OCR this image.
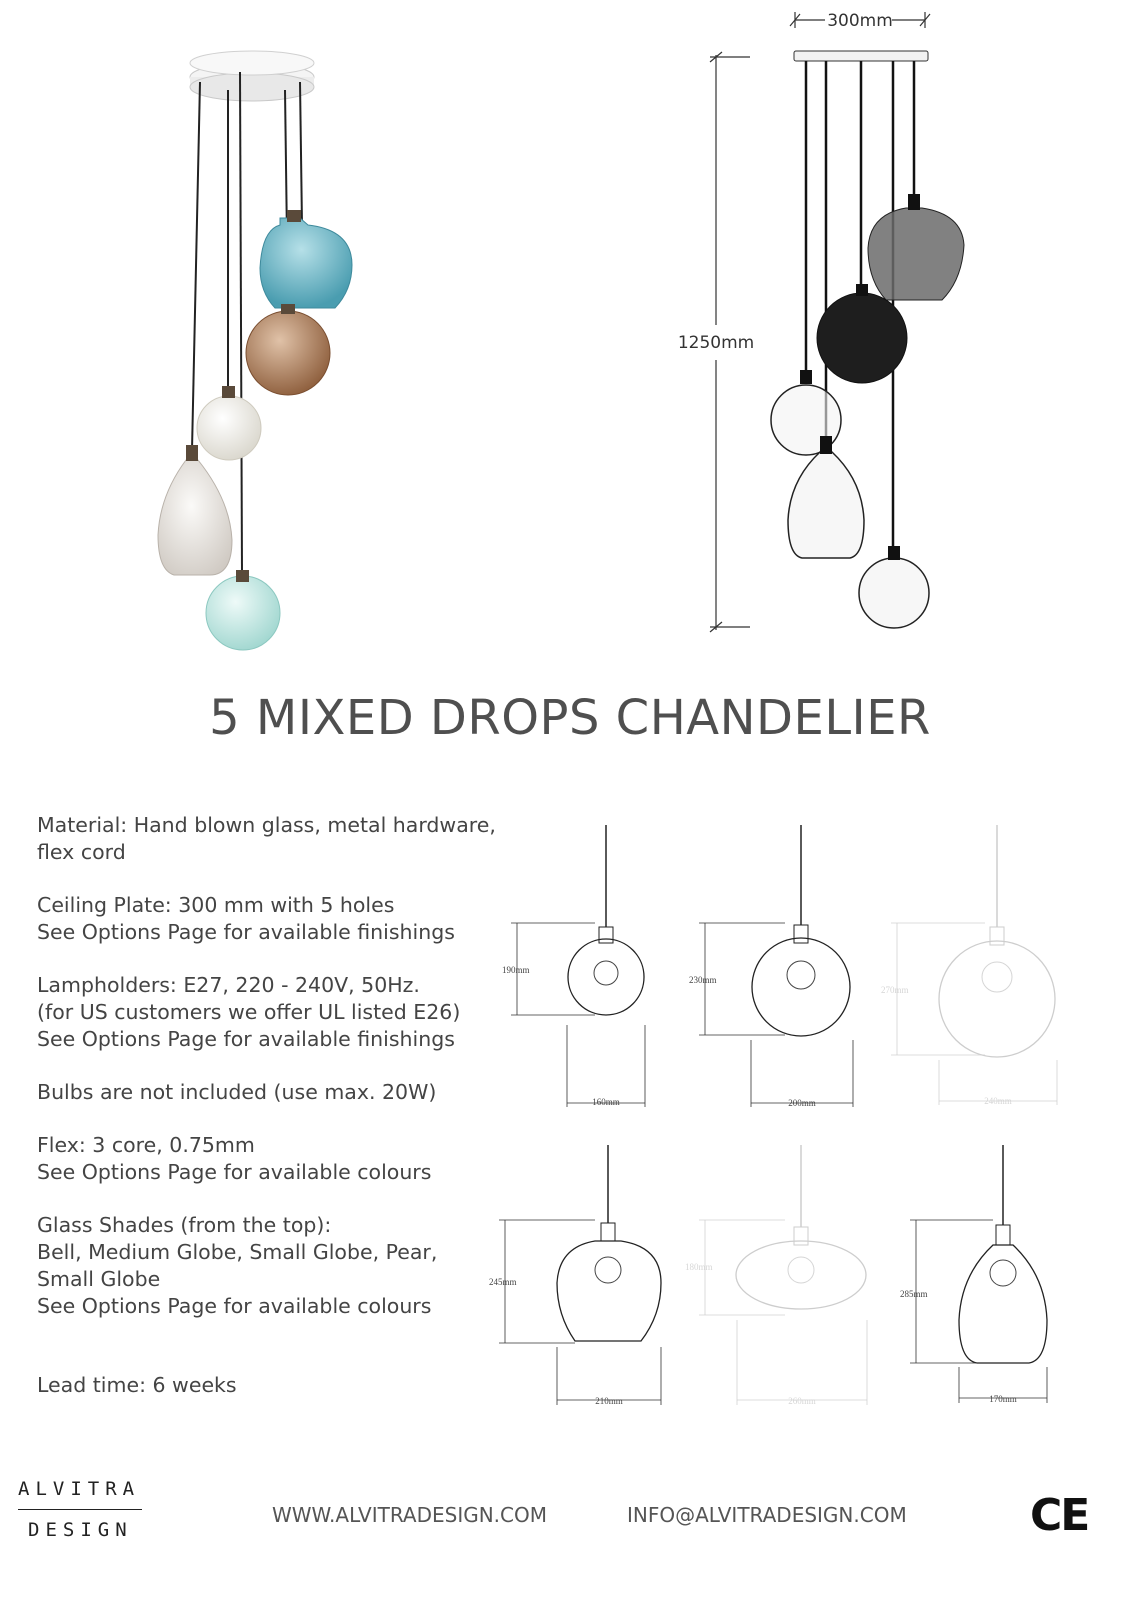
300mm
1250mm
5 MIXED DROPS CHANDELIER
Material: Hand blown glass, metal hardware,
flex cord
Ceiling Plate: 300 mm with 5 holes
See Options Page for available finishings
Lampholders: E27, 220 - 240V, 50Hz.
(for US customers we offer UL listed E26)
See Options Page for available finishings
Bulbs are not included (use max. 20W)
Flex: 3 core, 0.75mm
See Options Page for available colours
Glass Shades (from the top):
Bell, Medium Globe, Small Globe, Pear,
Small Globe
See Options Page for available colours
Lead time: 6 weeks
190mm
160mm
230mm
200mm
270mm
240mm
245mm
210mm
180mm
260mm
285mm
170mm
ALVITRA
DESIGN
WWW.ALVITRADESIGN.COM	INFO@ALVITRADESIGN.COM	CE
